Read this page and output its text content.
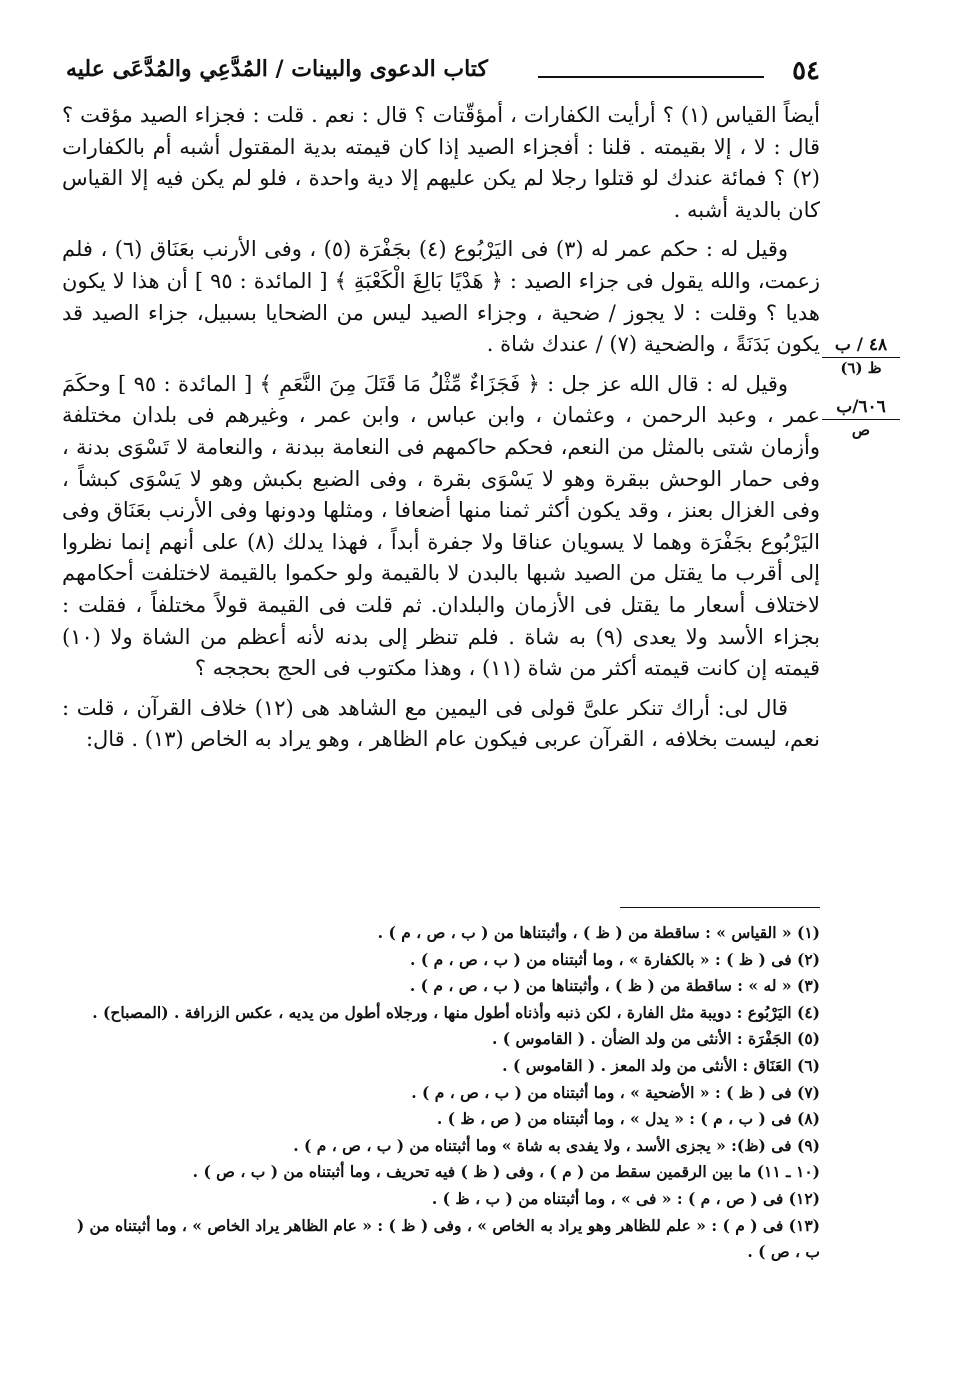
٥٤
كتاب الدعوى والبينات / المُدَّعِي والمُدَّعَى عليه

أيضاً القياس (١) ؟ أرأيت الكفارات ، أمؤقّتات ؟ قال : نعم . قلت : فجزاء الصيد مؤقت ؟ قال : لا ، إلا بقيمته . قلنا : أفجزاء الصيد إذا كان قيمته بدية المقتول أشبه أم بالكفارات (٢) ؟ فمائة عندك لو قتلوا رجلا لم يكن عليهم إلا دية واحدة ، فلو لم يكن فيه إلا القياس كان بالدية أشبه .

وقيل له : حكم عمر له (٣) فى اليَرْبُوع (٤) بجَفْرَة (٥) ، وفى الأرنب بعَنَاق (٦) ، فلم زعمت، والله يقول فى جزاء الصيد : ﴿ هَدْيًا بَالِغَ الْكَعْبَةِ ﴾ [ المائدة : ٩٥ ] أن هذا لا يكون هديا ؟ وقلت : لا يجوز / ضحية ، وجزاء الصيد ليس من الضحايا بسبيل، جزاء الصيد قد يكون بَدَنَةً ، والضحية (٧) / عندك شاة .

وقيل له : قال الله عز جل : ﴿ فَجَزَاءٌ مِّثْلُ مَا قَتَلَ مِنَ النَّعَمِ ﴾ [ المائدة : ٩٥ ] وحكَمَ عمر ، وعبد الرحمن ، وعثمان ، وابن عباس ، وابن عمر ، وغيرهم فى بلدان مختلفة وأزمان شتى بالمثل من النعم، فحكم حاكمهم فى النعامة ببدنة ، والنعامة لا تَسْوَى بدنة ، وفى حمار الوحش ببقرة وهو لا يَسْوَى بقرة ، وفى الضبع بكبش وهو لا يَسْوَى كبشاً ، وفى الغزال بعنز ، وقد يكون أكثر ثمنا منها أضعافا ، ومثلها ودونها وفى الأرنب بعَنَاق وفى اليَرْبُوع بجَفْرَة وهما لا يسويان عناقا ولا جفرة أبداً ، فهذا يدلك (٨) على أنهم إنما نظروا إلى أقرب ما يقتل من الصيد شبها بالبدن لا بالقيمة ولو حكموا بالقيمة لاختلفت أحكامهم لاختلاف أسعار ما يقتل فى الأزمان والبلدان. ثم قلت فى القيمة قولاً مختلفاً ، فقلت : بجزاء الأسد ولا يعدى (٩) به شاة . فلم تنظر إلى بدنه لأنه أعظم من الشاة ولا (١٠) قيمته إن كانت قيمته أكثر من شاة (١١) ، وهذا مكتوب فى الحج بحججه ؟

قال لى: أراك تنكر علىَّ قولى فى اليمين مع الشاهد هى (١٢) خلاف القرآن ، قلت : نعم، ليست بخلافه ، القرآن عربى فيكون عام الظاهر ، وهو يراد به الخاص (١٣) . قال:

٤٨ / ب
ظ (٦)
٦٠٦/ب
ص

(١) « القياس » : ساقطة من ( ظ ) ، وأثبتناها من ( ب ، ص ، م ) .

(٢) فى ( ظ ) : « بالكفارة » ، وما أثبتناه من ( ب ، ص ، م ) .

(٣) « له » : ساقطة من ( ظ ) ، وأثبتناها من ( ب ، ص ، م ) .

(٤) اليَرْبُوع : دويبة مثل الفارة ، لكن ذنبه وأذناه أطول منها ، ورجلاه أطول من يديه ، عكس الزرافة . (المصباح) .

(٥) الجَفْرَة : الأنثى من ولد الضأن . ( القاموس ) .

(٦) العَنَاق : الأنثى من ولد المعز . ( القاموس ) .

(٧) فى ( ظ ) : « الأضحية » ، وما أثبتناه من ( ب ، ص ، م ) .

(٨) فى ( ب ، م ) : « يدل » ، وما أثبتناه من ( ص ، ظ ) .

(٩) فى (ظ): « يجزى الأسد ، ولا يفدى به شاة » وما أثبتناه من ( ب ، ص ، م ) .

(١٠ ـ ١١) ما بين الرقمين سقط من ( م ) ، وفى ( ظ ) فيه تحريف ، وما أثبتناه من ( ب ، ص ) .

(١٢) فى ( ص ، م ) : « فى » ، وما أثبتناه من ( ب ، ظ ) .

(١٣) فى ( م ) : « علم للظاهر وهو يراد به الخاص » ، وفى ( ظ ) : « عام الظاهر يراد الخاص » ، وما أثبتناه من ( ب ، ص ) .
